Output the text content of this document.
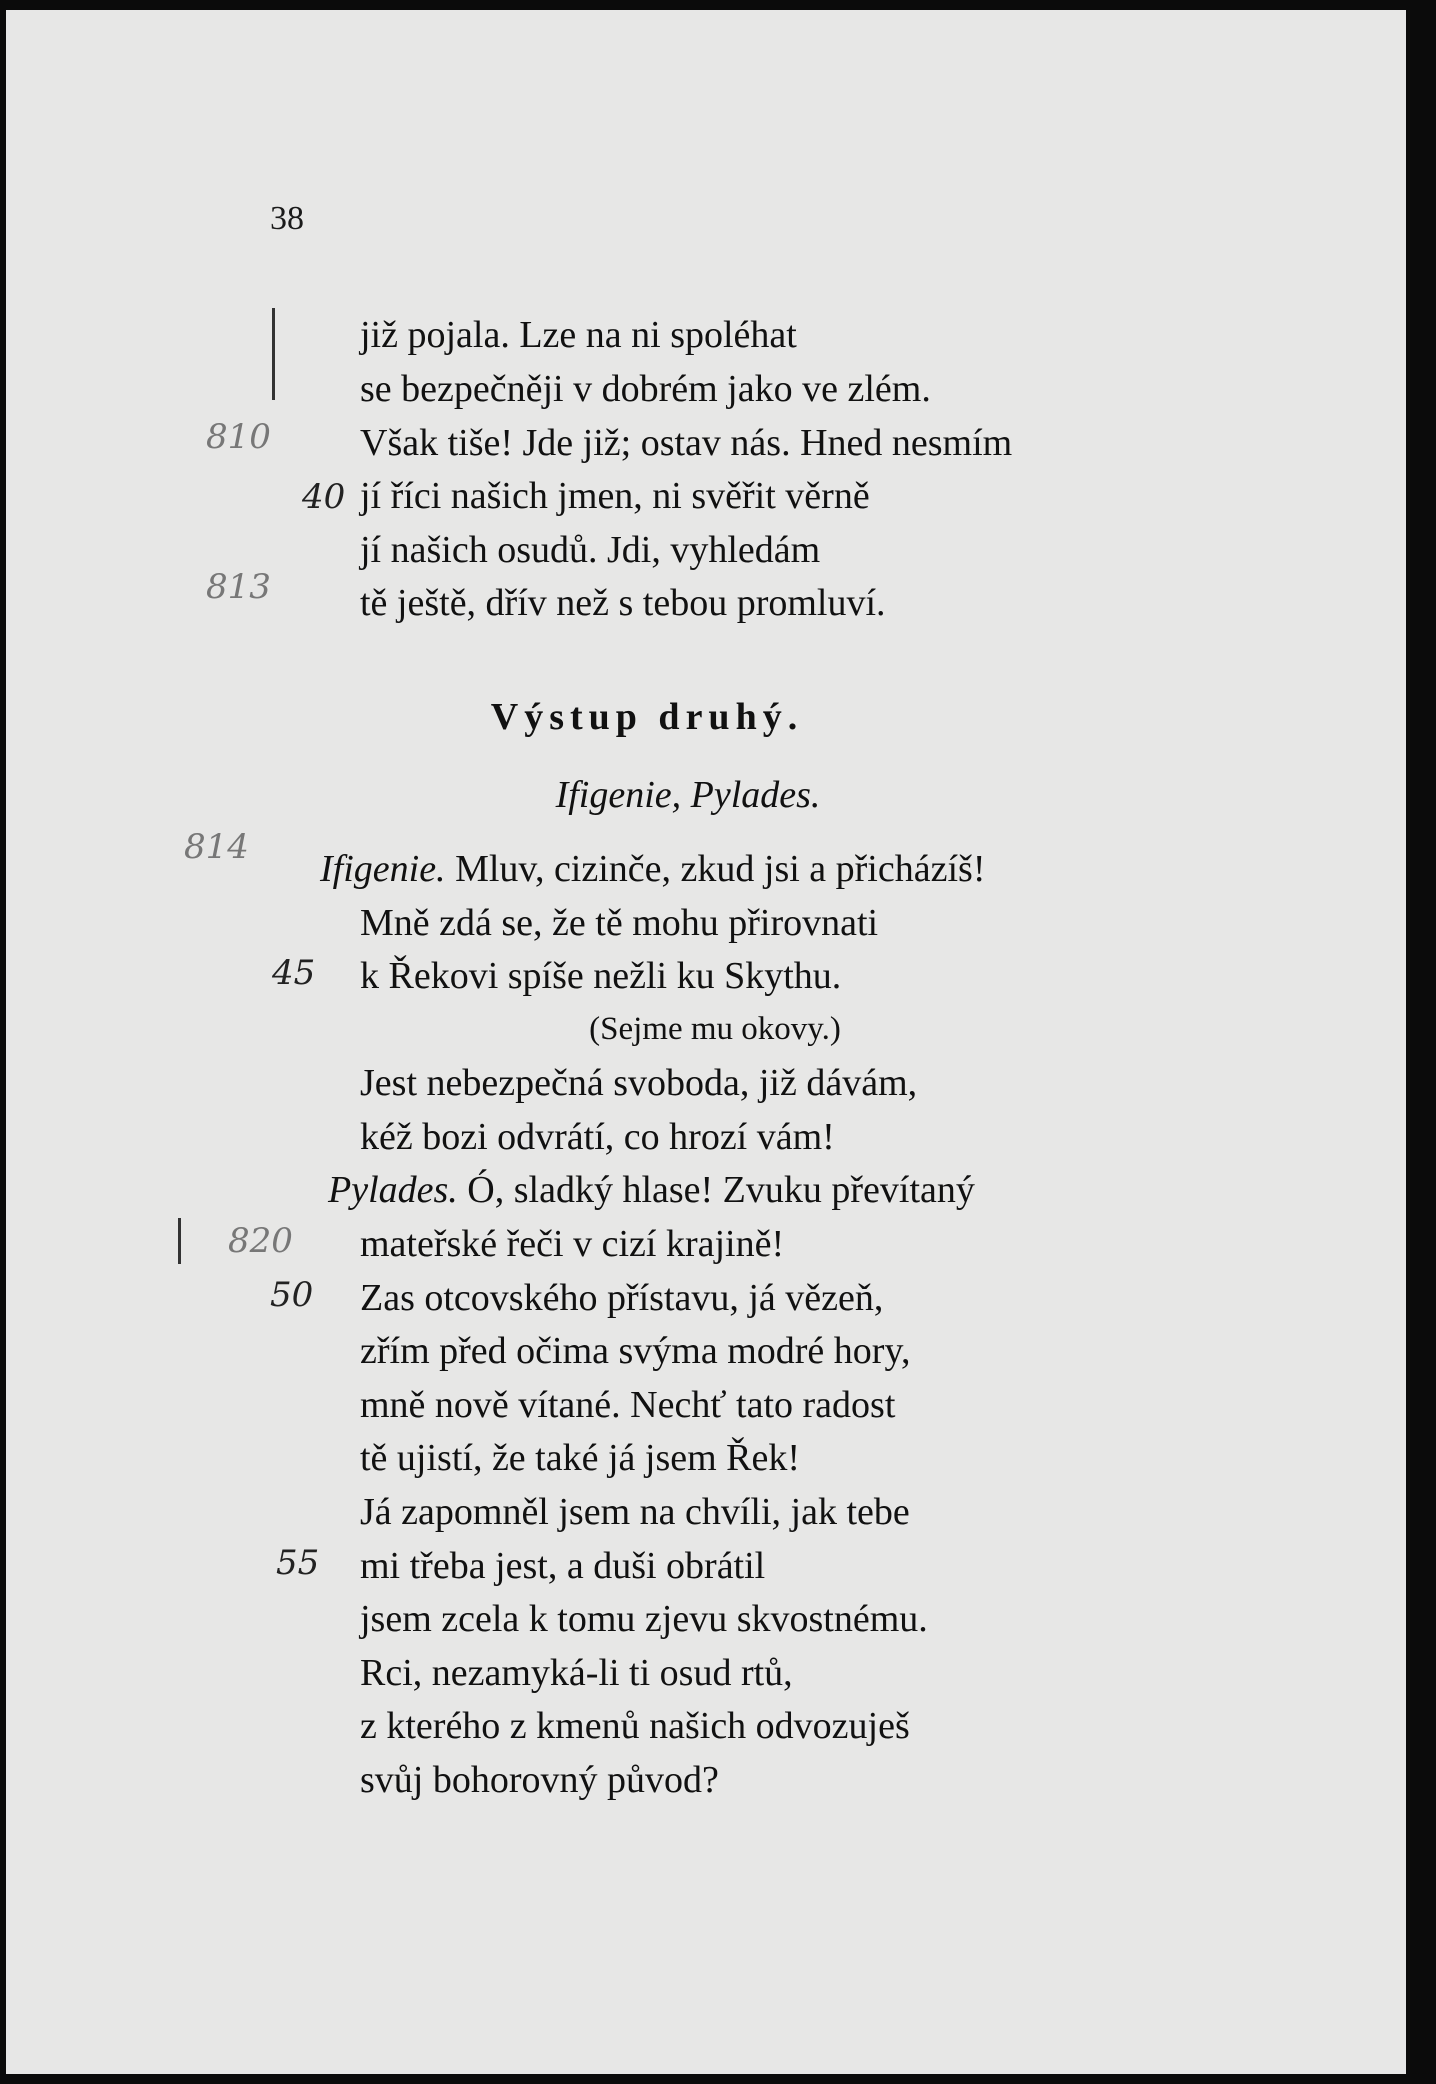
38
již pojala. Lze na ni spoléhat
se bezpečněji v dobrém jako ve zlém.
Však tiše! Jde již; ostav nás. Hned nesmím
jí říci našich jmen, ni svěřit věrně
jí našich osudů. Jdi, vyhledám
tě ještě, dřív než s tebou promluví.
Výstup druhý.
Ifigenie, Pylades.
Ifigenie. Mluv, cizinče, zkud jsi a přicházíš!
Mně zdá se, že tě mohu přirovnati
k Řekovi spíše nežli ku Skythu.
(Sejme mu okovy.)
Jest nebezpečná svoboda, již dávám,
kéž bozi odvrátí, co hrozí vám!
Pylades. Ó, sladký hlase! Zvuku převítaný
mateřské řeči v cizí krajině!
Zas otcovského přístavu, já vězeň,
zřím před očima svýma modré hory,
mně nově vítané. Nechť tato radost
tě ujistí, že také já jsem Řek!
Já zapomněl jsem na chvíli, jak tebe
mi třeba jest, a duši obrátil
jsem zcela k tomu zjevu skvostnému.
Rci, nezamyká-li ti osud rtů,
z kterého z kmenů našich odvozuješ
svůj bohorovný původ?
810
40
813
814
45
820
50
55
